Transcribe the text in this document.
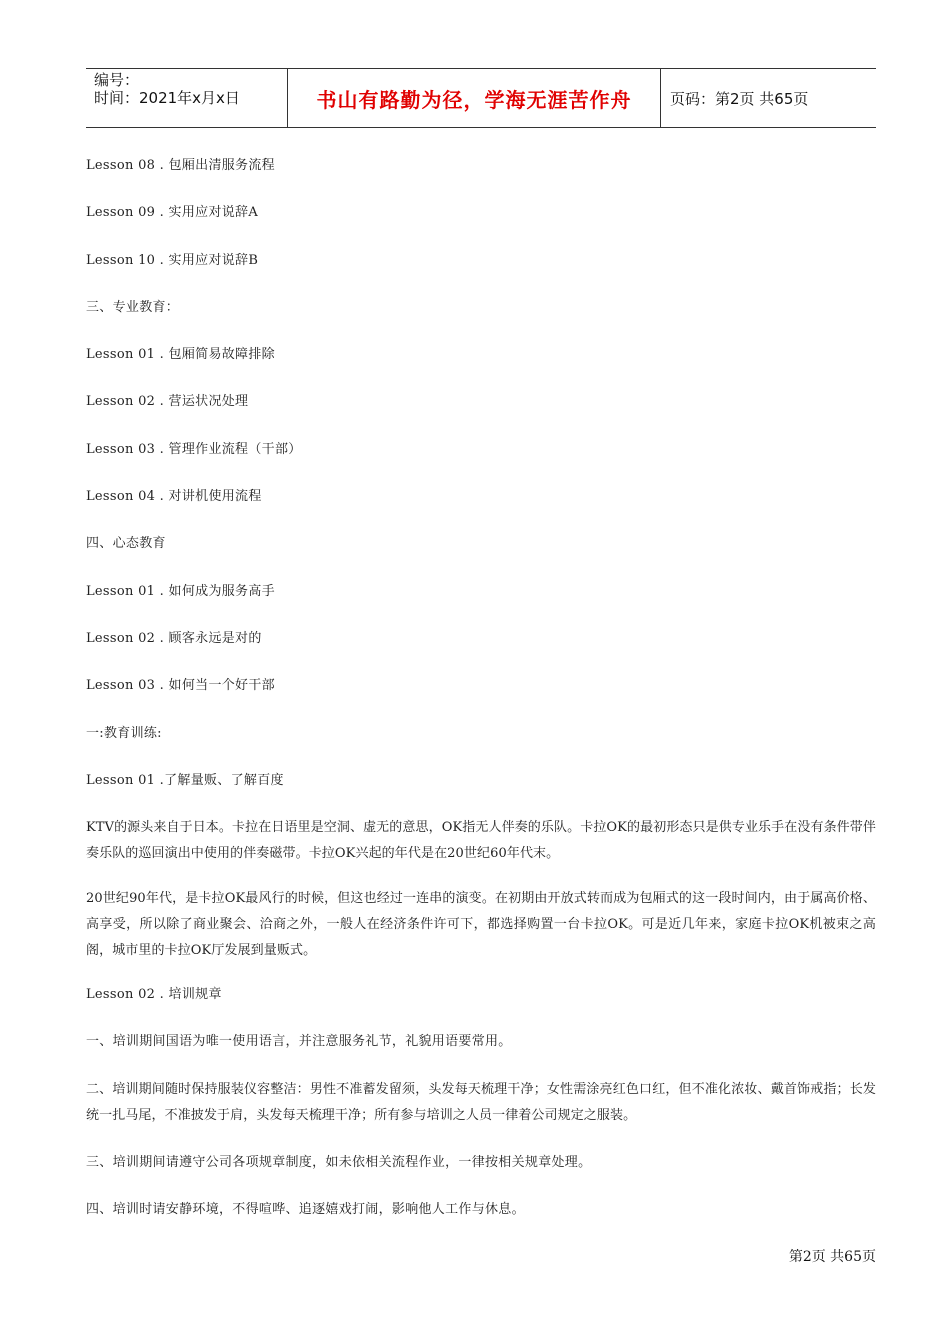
编号：
时间：2021年x月x日	书山有路勤为径，学海无涯苦作舟	页码：第2页 共65页
Lesson 08 . 包厢出清服务流程
Lesson 09 . 实用应对说辞A
Lesson 10 . 实用应对说辞B
三、专业教育：
Lesson 01 . 包厢简易故障排除
Lesson 02 . 营运状况处理
Lesson 03 . 管理作业流程（干部）
Lesson 04 . 对讲机使用流程
四、心态教育
Lesson 01 . 如何成为服务高手
Lesson 02 . 顾客永远是对的
Lesson 03 . 如何当一个好干部
一:教育训练:
Lesson 01 .了解量贩、了解百度
KTV的源头来自于日本。卡拉在日语里是空洞、虚无的意思，OK指无人伴奏的乐队。卡拉OK的最初形态只是供专业乐手在没有条件带伴奏乐队的巡回演出中使用的伴奏磁带。卡拉OK兴起的年代是在20世纪60年代末。
20世纪90年代，是卡拉OK最风行的时候，但这也经过一连串的演变。在初期由开放式转而成为包厢式的这一段时间内，由于属高价格、高享受，所以除了商业聚会、洽商之外，一般人在经济条件许可下，都选择购置一台卡拉OK。可是近几年来，家庭卡拉OK机被束之高阁，城市里的卡拉OK厅发展到量贩式。
Lesson 02 . 培训规章
一、培训期间国语为唯一使用语言，并注意服务礼节，礼貌用语要常用。
二、培训期间随时保持服装仪容整洁：男性不准蓄发留须，头发每天梳理干净；女性需涂亮红色口红，但不准化浓妆、戴首饰戒指；长发统一扎马尾，不准披发于肩，头发每天梳理干净；所有参与培训之人员一律着公司规定之服装。
三、培训期间请遵守公司各项规章制度，如未依相关流程作业，一律按相关规章处理。
四、培训时请安静环境，不得喧哗、追逐嬉戏打闹，影响他人工作与休息。
第2页 共65页
